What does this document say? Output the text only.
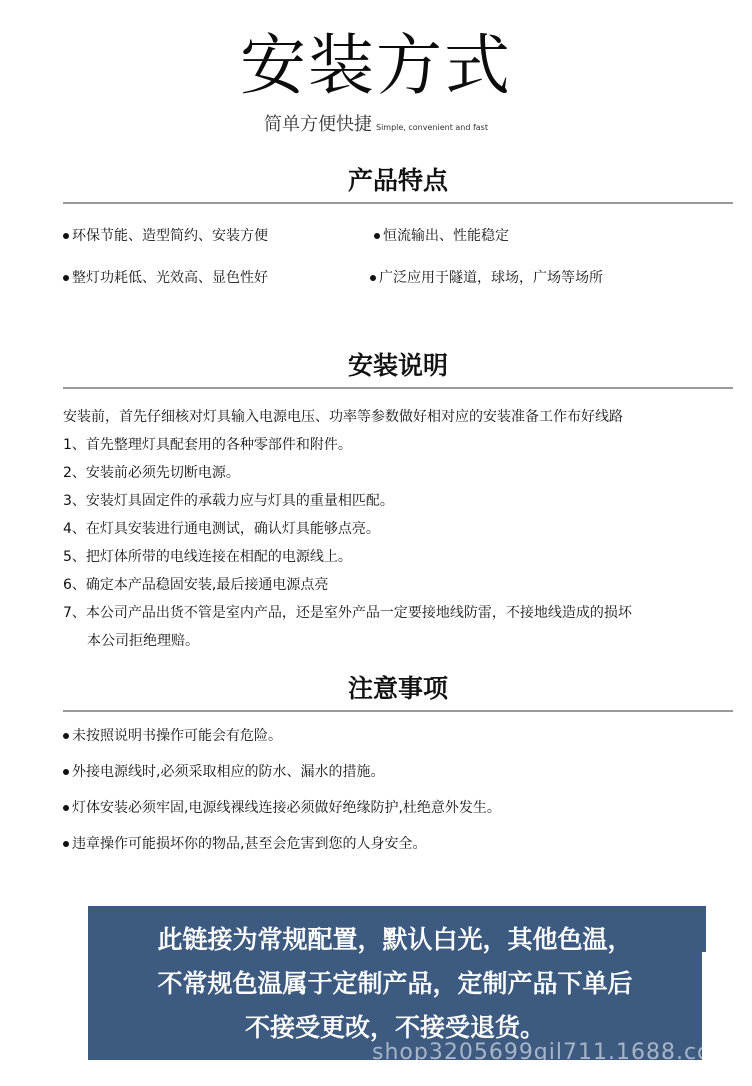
安装方式
简单方便快捷 Simple, convenient and fast
产品特点
环保节能、造型简约、安装方便	恒流输出、性能稳定
整灯功耗低、光效高、显色性好	广泛应用于隧道，球场，广场等场所
安装说明
安装前，首先仔细核对灯具输入电源电压、功率等参数做好相对应的安装准备工作布好线路
1、首先整理灯具配套用的各种零部件和附件。
2、安装前必须先切断电源。
3、安装灯具固定件的承载力应与灯具的重量相匹配。
4、在灯具安装进行通电测试，确认灯具能够点亮。
5、把灯体所带的电线连接在相配的电源线上。
6、确定本产品稳固安装,最后接通电源点亮
7、本公司产品出货不管是室内产品，还是室外产品一定要接地线防雷，不接地线造成的损坏
本公司拒绝理赔。
注意事项
未按照说明书操作可能会有危险。
外接电源线时,必须采取相应的防水、漏水的措施。
灯体安装必须牢固,电源线裸线连接必须做好绝缘防护,杜绝意外发生。
违章操作可能损坏你的物品,甚至会危害到您的人身安全。
此链接为常规配置，默认白光，其他色温，
不常规色温属于定制产品，定制产品下单后
不接受更改，不接受退货。
shop3205699gil711.1688.co
